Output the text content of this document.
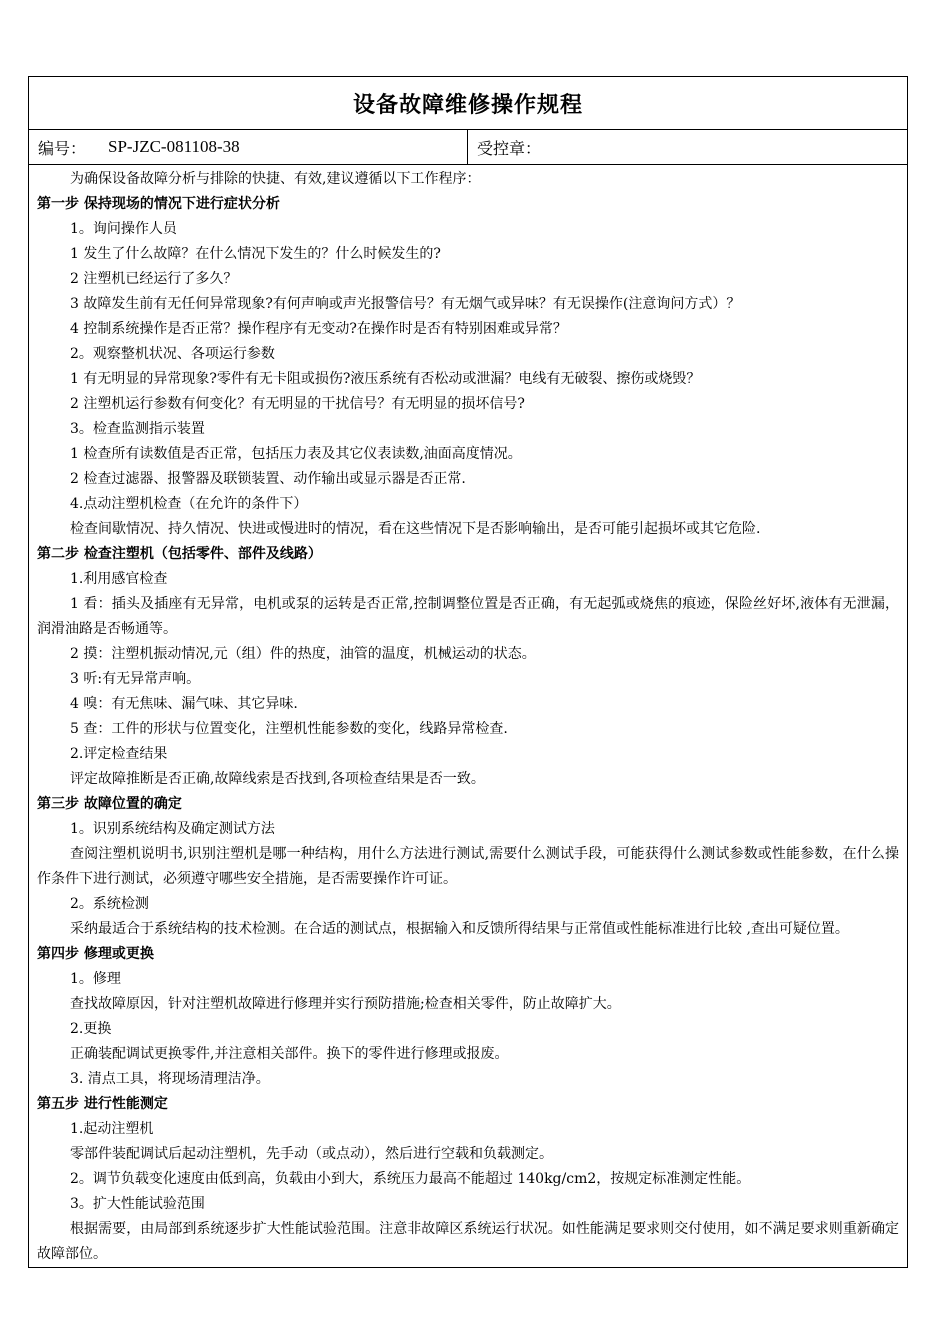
设备故障维修操作规程
编号： SP-JZC-081108-38	受控章：
为确保设备故障分析与排除的快捷、有效,建议遵循以下工作程序：
第一步 保持现场的情况下进行症状分析
1。询问操作人员
1 发生了什么故障？在什么情况下发生的？什么时候发生的?
2 注塑机已经运行了多久？
3 故障发生前有无任何异常现象?有何声响或声光报警信号？有无烟气或异味？有无误操作(注意询问方式）？
4 控制系统操作是否正常？操作程序有无变动?在操作时是否有特别困难或异常？
2。观察整机状况、各项运行参数
1 有无明显的异常现象?零件有无卡阻或损伤?液压系统有否松动或泄漏？电线有无破裂、擦伤或烧毁？
2 注塑机运行参数有何变化？有无明显的干扰信号？有无明显的损坏信号?
3。检查监测指示装置
1 检查所有读数值是否正常，包括压力表及其它仪表读数,油面高度情况。
2 检查过滤器、报警器及联锁装置、动作输出或显示器是否正常.
4.点动注塑机检查（在允许的条件下）
检查间歇情况、持久情况、快进或慢进时的情况，看在这些情况下是否影响输出，是否可能引起损坏或其它危险.
第二步 检查注塑机（包括零件、部件及线路）
1.利用感官检查
1 看：插头及插座有无异常，电机或泵的运转是否正常,控制调整位置是否正确，有无起弧或烧焦的痕迹，保险丝好坏,液体有无泄漏，润滑油路是否畅通等。
2 摸：注塑机振动情况,元（组）件的热度，油管的温度，机械运动的状态。
3 听:有无异常声响。
4 嗅：有无焦味、漏气味、其它异味.
5 查：工件的形状与位置变化，注塑机性能参数的变化，线路异常检查.
2.评定检查结果
评定故障推断是否正确,故障线索是否找到,各项检查结果是否一致。
第三步 故障位置的确定
1。识别系统结构及确定测试方法
查阅注塑机说明书,识别注塑机是哪一种结构，用什么方法进行测试,需要什么测试手段，可能获得什么测试参数或性能参数，在什么操作条件下进行测试，必须遵守哪些安全措施，是否需要操作许可证。
2。系统检测
采纳最适合于系统结构的技术检测。在合适的测试点，根据输入和反馈所得结果与正常值或性能标准进行比较 ,查出可疑位置。
第四步 修理或更换
1。修理
查找故障原因，针对注塑机故障进行修理并实行预防措施;检查相关零件，防止故障扩大。
2.更换
正确装配调试更换零件,并注意相关部件。换下的零件进行修理或报废。
3. 清点工具，将现场清理洁净。
第五步 进行性能测定
1.起动注塑机
零部件装配调试后起动注塑机，先手动（或点动），然后进行空载和负载测定。
2。调节负载变化速度由低到高，负载由小到大，系统压力最高不能超过 140kg/cm2，按规定标准测定性能。
3。扩大性能试验范围
根据需要，由局部到系统逐步扩大性能试验范围。注意非故障区系统运行状况。如性能满足要求则交付使用，如不满足要求则重新确定故障部位。
